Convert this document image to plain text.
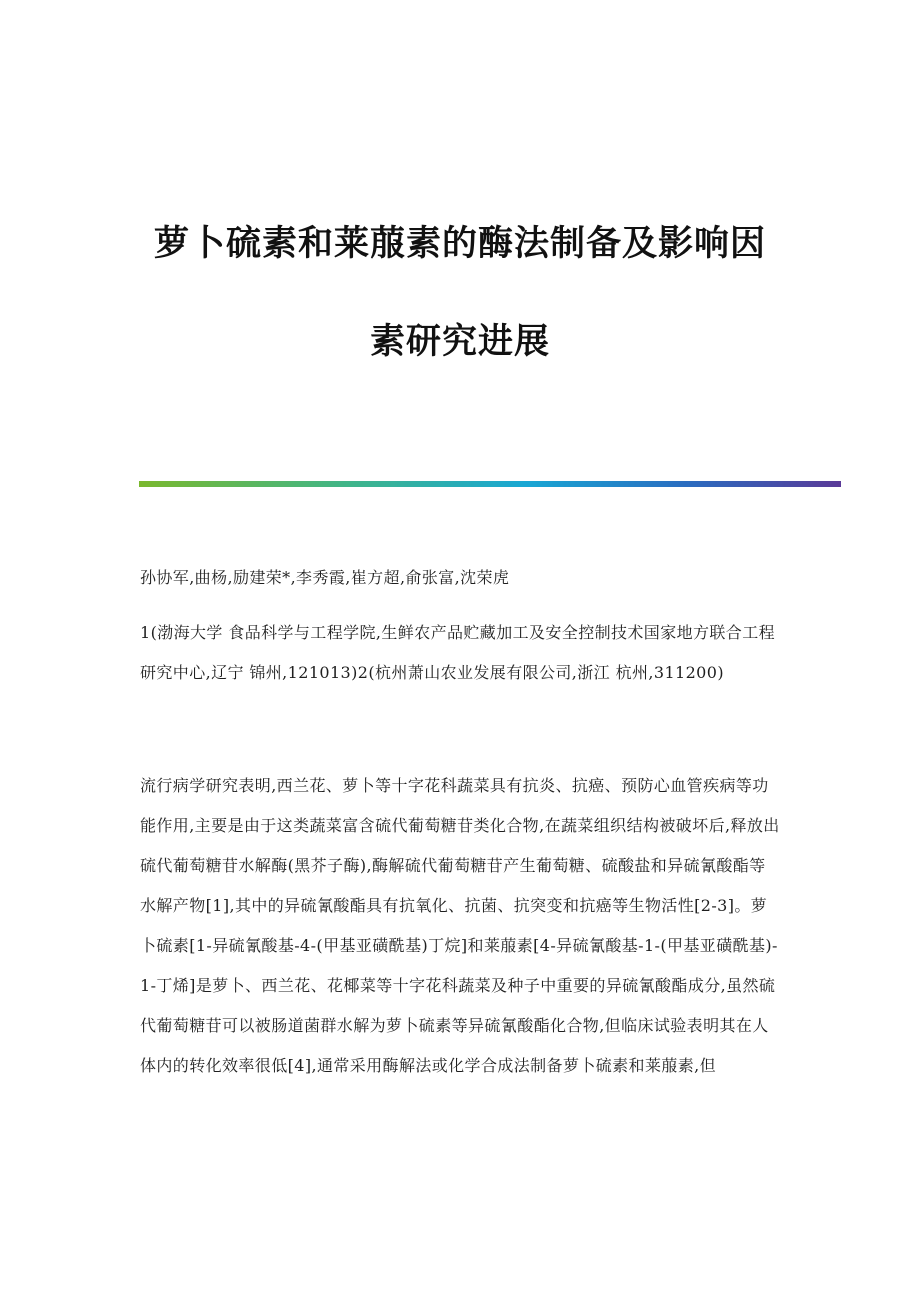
萝卜硫素和莱菔素的酶法制备及影响因
素研究进展
孙协军,曲杨,励建荣*,李秀霞,崔方超,俞张富,沈荣虎

1(渤海大学 食品科学与工程学院,生鲜农产品贮藏加工及安全控制技术国家地方联合工程研究中心,辽宁 锦州,121013)2(杭州萧山农业发展有限公司,浙江 杭州,311200)

流行病学研究表明,西兰花、萝卜等十字花科蔬菜具有抗炎、抗癌、预防心血管疾病等功能作用,主要是由于这类蔬菜富含硫代葡萄糖苷类化合物,在蔬菜组织结构被破坏后,释放出硫代葡萄糖苷水解酶(黑芥子酶),酶解硫代葡萄糖苷产生葡萄糖、硫酸盐和异硫氰酸酯等水解产物[1],其中的异硫氰酸酯具有抗氧化、抗菌、抗突变和抗癌等生物活性[2-3]。萝卜硫素[1-异硫氰酸基-4-(甲基亚磺酰基)丁烷]和莱菔素[4-异硫氰酸基-1-(甲基亚磺酰基)-1-丁烯]是萝卜、西兰花、花椰菜等十字花科蔬菜及种子中重要的异硫氰酸酯成分,虽然硫代葡萄糖苷可以被肠道菌群水解为萝卜硫素等异硫氰酸酯化合物,但临床试验表明其在人体内的转化效率很低[4],通常采用酶解法或化学合成法制备萝卜硫素和莱菔素,但
